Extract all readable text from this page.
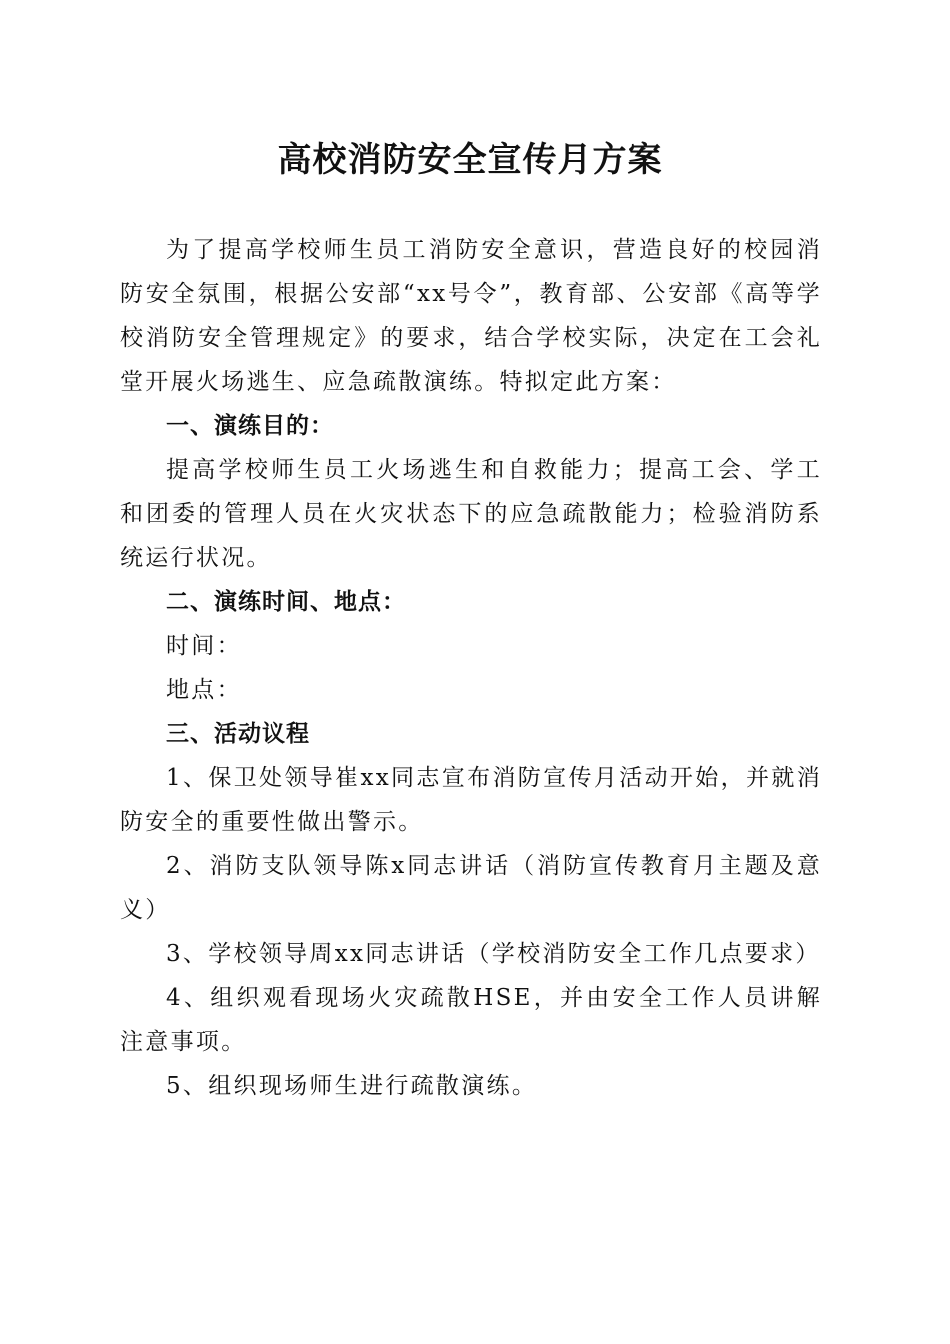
高校消防安全宣传月方案

为了提高学校师生员工消防安全意识，营造良好的校园消防安全氛围，根据公安部“xx号令”，教育部、公安部《高等学校消防安全管理规定》的要求，结合学校实际，决定在工会礼堂开展火场逃生、应急疏散演练。特拟定此方案：

一、演练目的：

提高学校师生员工火场逃生和自救能力；提高工会、学工和团委的管理人员在火灾状态下的应急疏散能力；检验消防系统运行状况。

二、演练时间、地点：

时间：

地点：

三、活动议程

1、保卫处领导崔xx同志宣布消防宣传月活动开始，并就消防安全的重要性做出警示。

2、消防支队领导陈x同志讲话（消防宣传教育月主题及意义）

3、学校领导周xx同志讲话（学校消防安全工作几点要求）

4、组织观看现场火灾疏散HSE，并由安全工作人员讲解注意事项。

5、组织现场师生进行疏散演练。
